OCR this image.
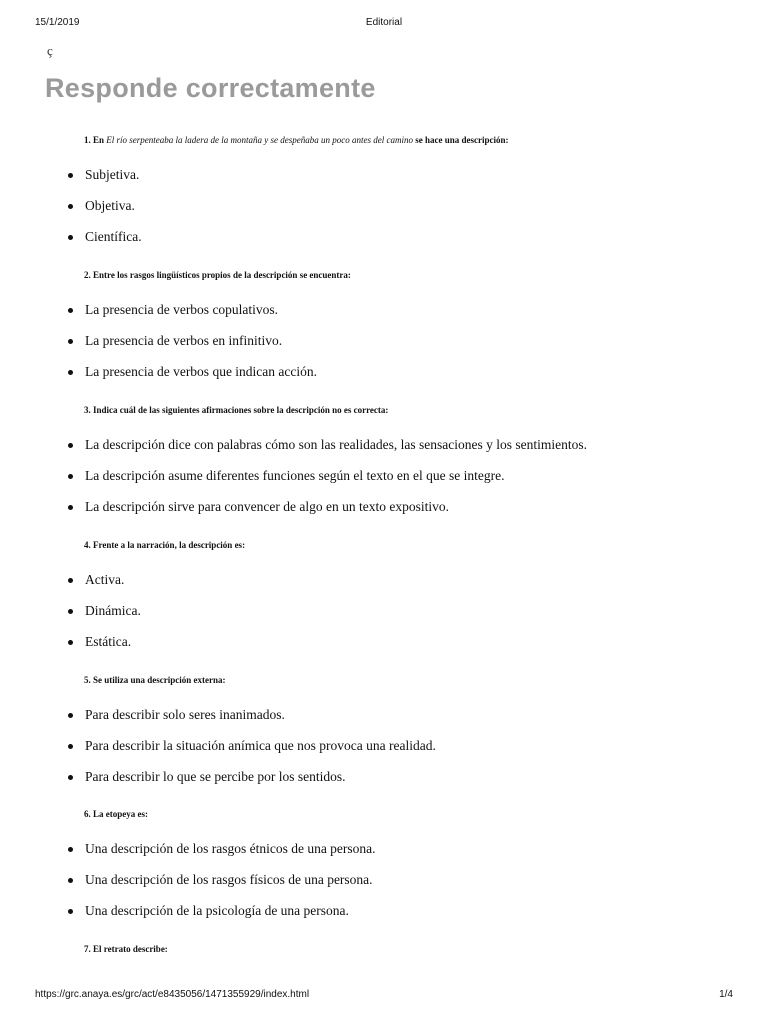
15/1/2019	Editorial
ç
Responde correctamente
1. En El río serpenteaba la ladera de la montaña y se despeñaba un poco antes del camino se hace una descripción:
Subjetiva.
Objetiva.
Científica.
2. Entre los rasgos lingüísticos propios de la descripción se encuentra:
La presencia de verbos copulativos.
La presencia de verbos en infinitivo.
La presencia de verbos que indican acción.
3. Indica cuál de las siguientes afirmaciones sobre la descripción no es correcta:
La descripción dice con palabras cómo son las realidades, las sensaciones y los sentimientos.
La descripción asume diferentes funciones según el texto en el que se integre.
La descripción sirve para convencer de algo en un texto expositivo.
4. Frente a la narración, la descripción es:
Activa.
Dinámica.
Estática.
5. Se utiliza una descripción externa:
Para describir solo seres inanimados.
Para describir la situación anímica que nos provoca una realidad.
Para describir lo que se percibe por los sentidos.
6. La etopeya es:
Una descripción de los rasgos étnicos de una persona.
Una descripción de los rasgos físicos de una persona.
Una descripción de la psicología de una persona.
7. El retrato describe:
https://grc.anaya.es/grc/act/e8435056/1471355929/index.html	1/4
